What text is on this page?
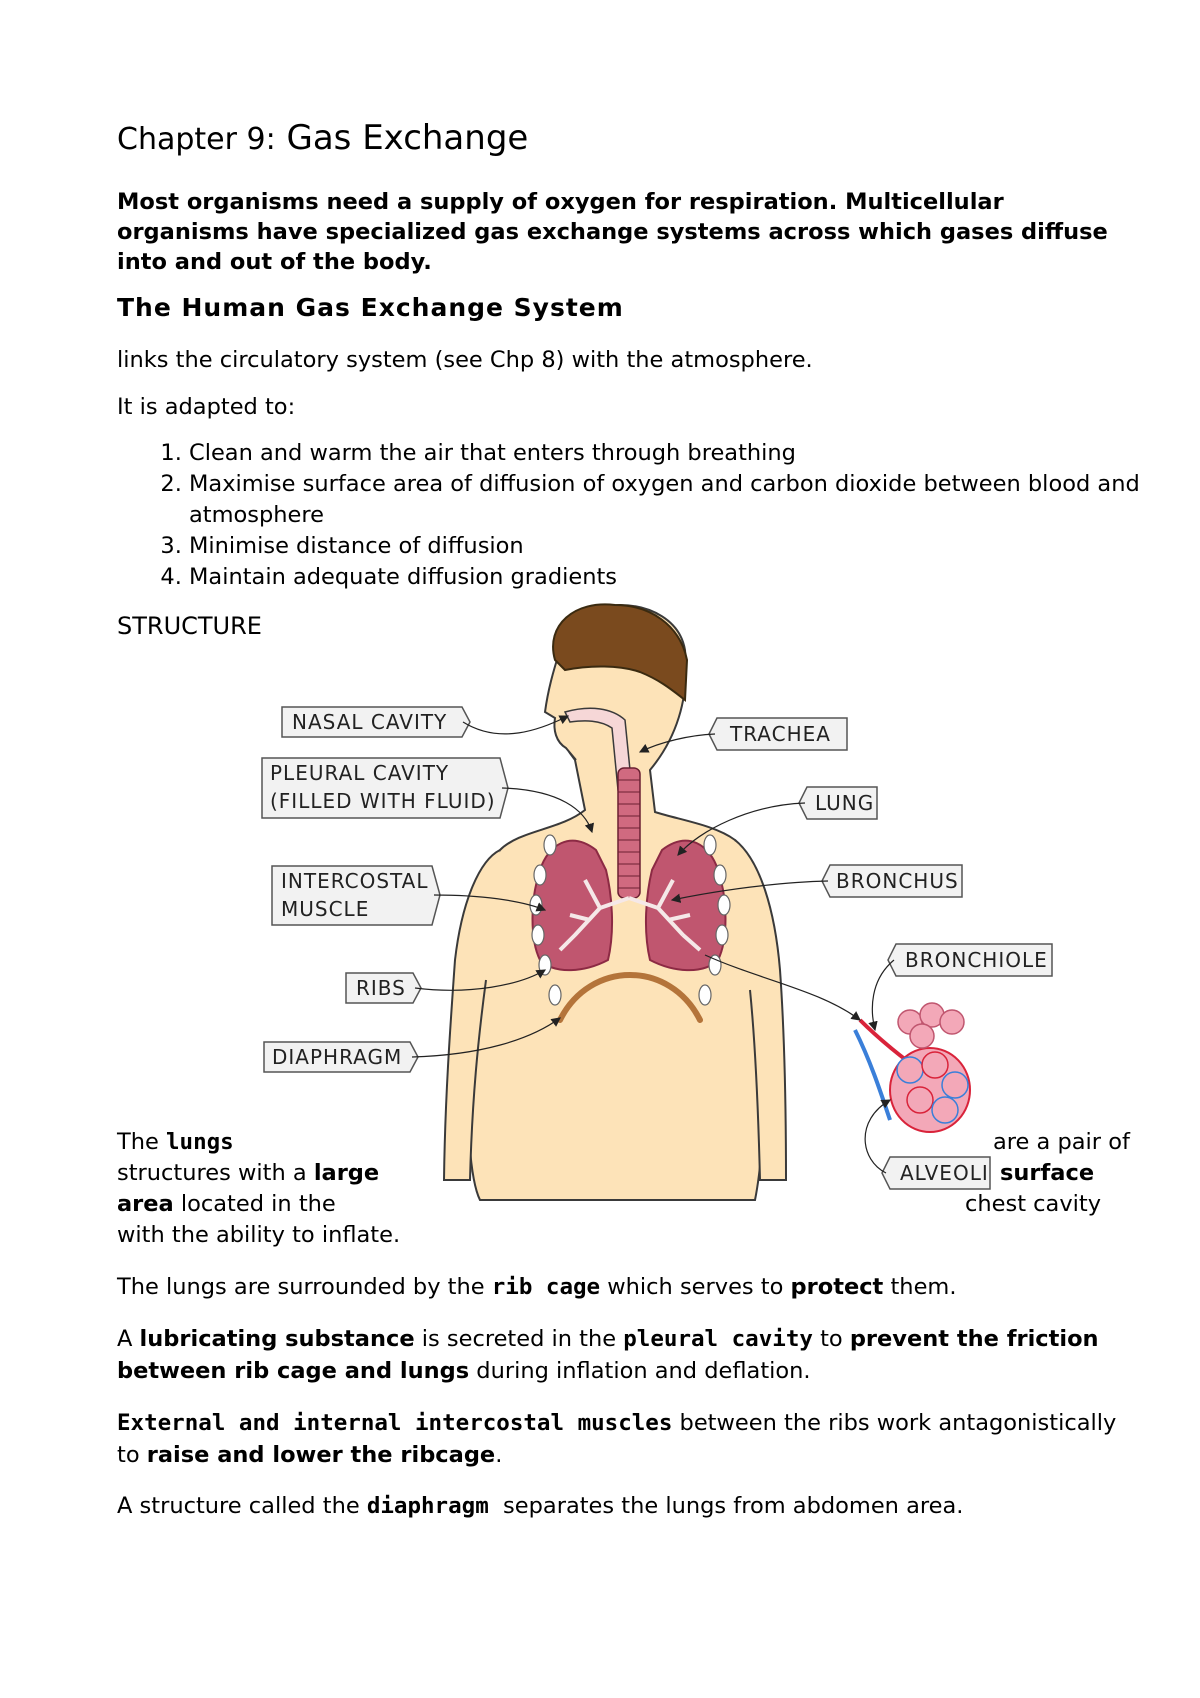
Chapter 9: Gas Exchange

Most organisms need a supply of oxygen for respiration. Multicellular organisms have specialized gas exchange systems across which gases diffuse into and out of the body.

The Human Gas Exchange System

links the circulatory system (see Chp 8) with the atmosphere.

It is adapted to:

1. Clean and warm the air that enters through breathing
2. Maximise surface area of diffusion of oxygen and carbon dioxide between blood and atmosphere
3. Minimise distance of diffusion
4. Maintain adequate diffusion gradients

STRUCTURE

NASAL CAVITY
PLEURAL CAVITY
(FILLED WITH FLUID)
INTERCOSTAL
MUSCLE
RIBS
DIAPHRAGM
TRACHEA
LUNG
BRONCHUS
BRONCHIOLE
ALVEOLI
The lungs	are a pair of
structures with a large	surface
area located in the	chest cavity
with the ability to inflate.

The lungs are surrounded by the rib cage which serves to protect them.

A lubricating substance is secreted in the pleural cavity to prevent the friction between rib cage and lungs during inflation and deflation.

External and internal intercostal muscles between the ribs work antagonistically to raise and lower the ribcage.

A structure called the diaphragm  separates the lungs from abdomen area.
